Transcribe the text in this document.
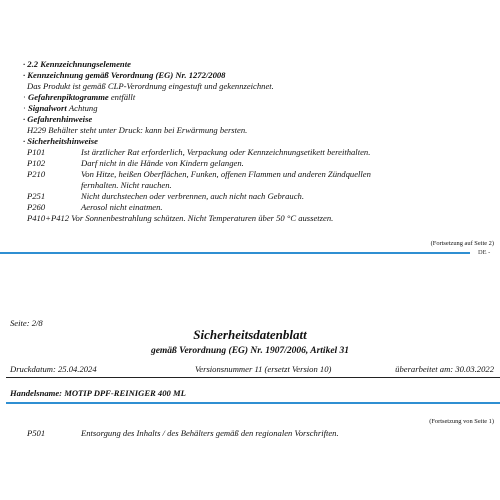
· 2.2 Kennzeichnungselemente
· Kennzeichnung gemäß Verordnung (EG) Nr. 1272/2008
Das Produkt ist gemäß CLP-Verordnung eingestuft und gekennzeichnet.
· Gefahrenpiktogramme entfällt
· Signalwort Achtung
· Gefahrenhinweise
H229 Behälter steht unter Druck: kann bei Erwärmung bersten.
· Sicherheitshinweise
P101	Ist ärztlicher Rat erforderlich, Verpackung oder Kennzeichnungsetikett bereithalten.
P102	Darf nicht in die Hände von Kindern gelangen.
P210	Von Hitze, heißen Oberflächen, Funken, offenen Flammen und anderen Zündquellen
fernhalten. Nicht rauchen.
P251	Nicht durchstechen oder verbrennen, auch nicht nach Gebrauch.
P260	Aerosol nicht einatmen.
P410+P412 Vor Sonnenbestrahlung schützen. Nicht Temperaturen über 50 °C aussetzen.
(Fortsetzung auf Seite 2)
DE -
Seite: 2/8
Sicherheitsdatenblatt
gemäß Verordnung (EG) Nr. 1907/2006, Artikel 31
Druckdatum: 25.04.2024	Versionsnummer 11 (ersetzt Version 10)	überarbeitet am: 30.03.2022
Handelsname: MOTIP DPF-REINIGER 400 ML
(Fortsetzung von Seite 1)
P501	Entsorgung des Inhalts / des Behälters gemäß den regionalen Vorschriften.
